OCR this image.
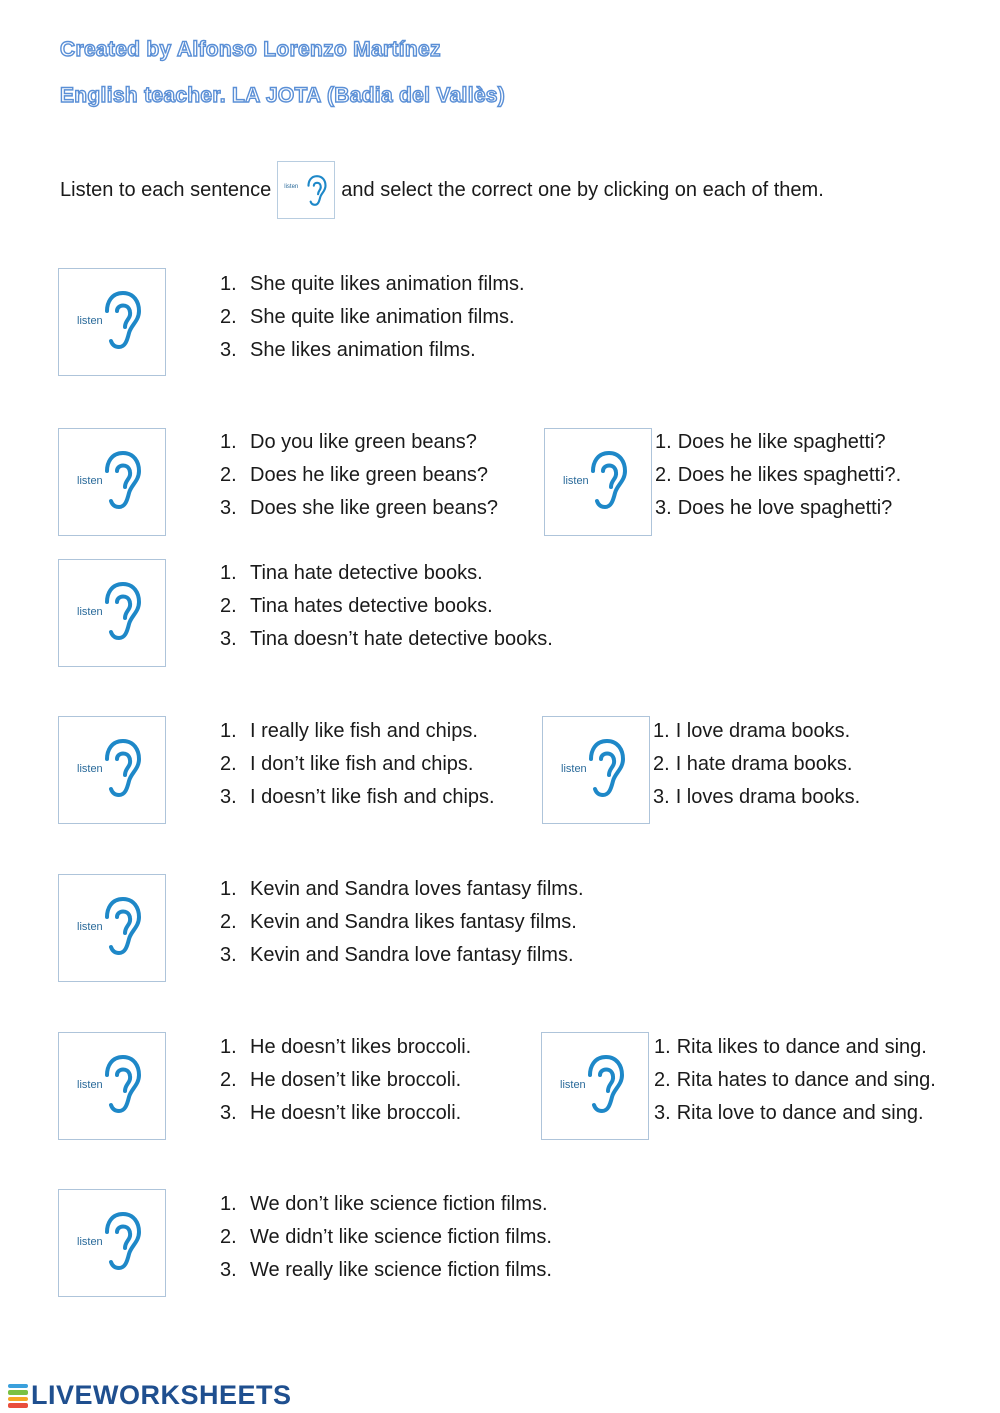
Created by Alfonso Lorenzo Martínez
English teacher. LA JOTA (Badia del Vallès)
Listen to each sentence listen and select the correct one by clicking on each of them.
listen
1. She quite likes animation films.
2. She quite like animation films.
3. She likes animation films.
listen
1. Do you like green beans?
2. Does he like green beans?
3. Does she like green beans?
listen
1. Does he like spaghetti?
2. Does he likes spaghetti?.
3. Does he love spaghetti?
listen
1. Tina hate detective books.
2. Tina hates detective books.
3. Tina doesn’t hate detective books.
listen
1. I really like fish and chips.
2. I don’t like fish and chips.
3. I doesn’t like fish and chips.
listen
1. I love drama books.
2. I hate drama books.
3. I loves drama books.
listen
1. Kevin and Sandra loves fantasy films.
2. Kevin and Sandra likes fantasy films.
3. Kevin and Sandra love fantasy films.
listen
1. He doesn’t likes broccoli.
2. He dosen’t like broccoli.
3. He doesn’t like broccoli.
listen
1. Rita likes to dance and sing.
2. Rita hates to dance and sing.
3. Rita love to dance and sing.
listen
1. We don’t like science fiction films.
2. We didn’t like science fiction films.
3. We really like science fiction films.
LIVEWORKSHEETS
